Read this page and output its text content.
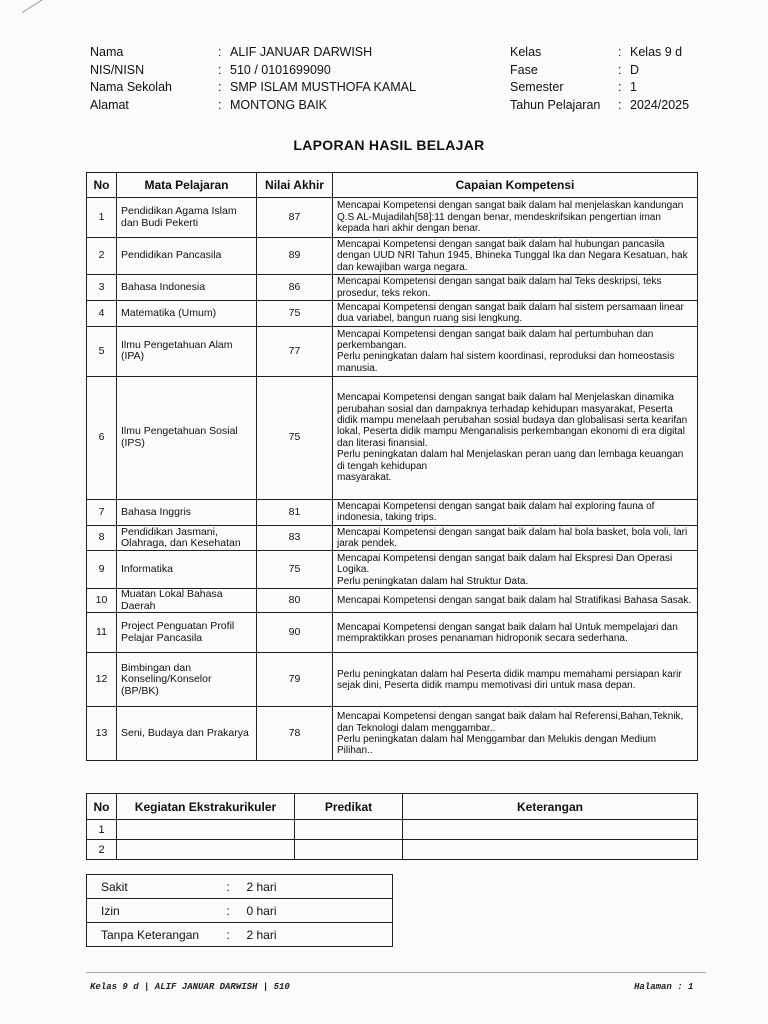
Nama	: ALIF JANUAR DARWISH
NIS/NISN	: 510 / 0101699090
Nama Sekolah	: SMP ISLAM MUSTHOFA KAMAL
Alamat	: MONTONG BAIK
Kelas	: Kelas 9 d
Fase	: D
Semester	: 1
Tahun Pelajaran	: 2024/2025
LAPORAN HASIL BELAJAR
No	Mata Pelajaran	Nilai Akhir	Capaian Kompetensi
1	Pendidikan Agama Islam dan Budi Pekerti	87	Mencapai Kompetensi dengan sangat baik dalam hal menjelaskan kandungan Q.S AL-Mujadilah[58]:11 dengan benar, mendeskrifsikan pengertian iman kepada hari akhir dengan benar.
2	Pendidikan Pancasila	89	Mencapai Kompetensi dengan sangat baik dalam hal hubungan pancasila dengan UUD NRI Tahun 1945, Bhineka Tunggal Ika dan Negara Kesatuan, hak dan kewajiban warga negara.
3	Bahasa Indonesia	86	Mencapai Kompetensi dengan sangat baik dalam hal Teks deskripsi, teks prosedur, teks rekon.
4	Matematika (Umum)	75	Mencapai Kompetensi dengan sangat baik dalam hal sistem persamaan linear dua variabel, bangun ruang sisi lengkung.
5	Ilmu Pengetahuan Alam (IPA)	77	Mencapai Kompetensi dengan sangat baik dalam hal pertumbuhan dan perkembangan.
Perlu peningkatan dalam hal sistem koordinasi, reproduksi dan homeostasis manusia.
6	Ilmu Pengetahuan Sosial (IPS)	75	Mencapai Kompetensi dengan sangat baik dalam hal Menjelaskan dinamika perubahan sosial dan dampaknya terhadap kehidupan masyarakat, Peserta didik mampu menelaah perubahan sosial budaya dan globalisasi serta kearifan lokal, Peserta didik mampu Menganalisis perkembangan ekonomi di era digital dan literasi finansial.
Perlu peningkatan dalam hal Menjelaskan peran uang dan lembaga keuangan di tengah kehidupan
masyarakat.
7	Bahasa Inggris	81	Mencapai Kompetensi dengan sangat baik dalam hal exploring fauna of indonesia, taking trips.
8	Pendidikan Jasmani, Olahraga, dan Kesehatan	83	Mencapai Kompetensi dengan sangat baik dalam hal bola basket, bola voli, lari jarak pendek.
9	Informatika	75	Mencapai Kompetensi dengan sangat baik dalam hal Ekspresi Dan Operasi Logika.
Perlu peningkatan dalam hal Struktur Data.
10	Muatan Lokal Bahasa Daerah	80	Mencapai Kompetensi dengan sangat baik dalam hal Stratifikasi Bahasa Sasak.
11	Project Penguatan Profil Pelajar Pancasila	90	Mencapai Kompetensi dengan sangat baik dalam hal Untuk mempelajari dan mempraktikkan proses penanaman hidroponik secara sederhana.
12	Bimbingan dan Konseling/Konselor (BP/BK)	79	Perlu peningkatan dalam hal Peserta didik mampu memahami persiapan karir sejak dini, Peserta didik mampu memotivasi diri untuk masa depan.
13	Seni, Budaya dan Prakarya	78	Mencapai Kompetensi dengan sangat baik dalam hal Referensi,Bahan,Teknik, dan Teknologi dalam menggambar..
Perlu peningkatan dalam hal Menggambar dan Melukis dengan Medium Pilihan..
No	Kegiatan Ekstrakurikuler	Predikat	Keterangan
1			
2			
Sakit	:	2 hari
Izin	:	0 hari
Tanpa Keterangan	:	2 hari
Kelas 9 d | ALIF JANUAR DARWISH | 510	Halaman : 1
